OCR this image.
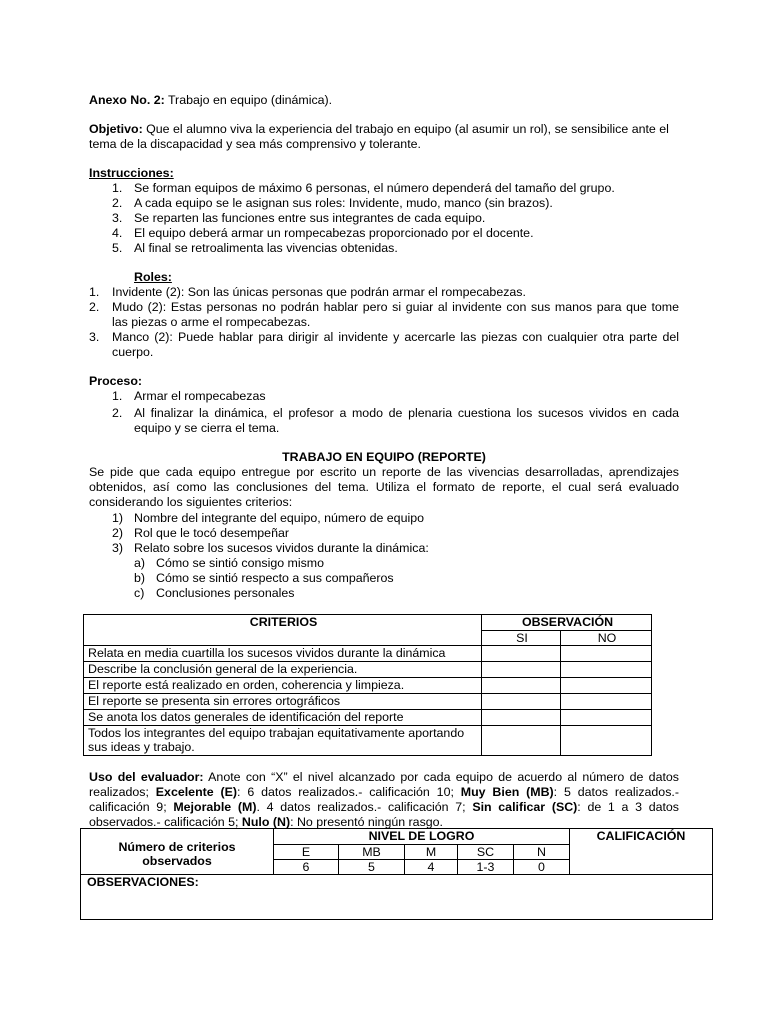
Anexo No. 2: Trabajo en equipo (dinámica).
Objetivo: Que el alumno viva la experiencia del trabajo en equipo (al asumir un rol), se sensibilice ante el
tema de la discapacidad y sea más comprensivo y tolerante.
Instrucciones:
1. Se forman equipos de máximo 6 personas, el número dependerá del tamaño del grupo.
2. A cada equipo se le asignan sus roles: Invidente, mudo, manco (sin brazos).
3. Se reparten las funciones entre sus integrantes de cada equipo.
4. El equipo deberá armar un rompecabezas proporcionado por el docente.
5. Al final se retroalimenta las vivencias obtenidas.
Roles:
1. Invidente (2): Son las únicas personas que podrán armar el rompecabezas.
2. Mudo (2): Estas personas no podrán hablar pero si guiar al invidente con sus manos para que tome
las piezas o arme el rompecabezas.
3. Manco (2): Puede hablar para dirigir al invidente y acercarle las piezas con cualquier otra parte del
cuerpo.
Proceso:
1. Armar el rompecabezas
2. Al finalizar la dinámica, el profesor a modo de plenaria cuestiona los sucesos vividos en cada
equipo y se cierra el tema.
TRABAJO EN EQUIPO (REPORTE)
Se pide que cada equipo entregue por escrito un reporte de las vivencias desarrolladas, aprendizajes
obtenidos, así como las conclusiones del tema. Utiliza el formato de reporte, el cual será evaluado
considerando los siguientes criterios:
1) Nombre del integrante del equipo, número de equipo
2) Rol que le tocó desempeñar
3) Relato sobre los sucesos vividos durante la dinámica:
a) Cómo se sintió consigo mismo
b) Cómo se sintió respecto a sus compañeros
c) Conclusiones personales
CRITERIOS	OBSERVACIÓN	
	SI	NO
Relata en media cuartilla los sucesos vividos durante la dinámica		
Describe la conclusión general de la experiencia.		
El reporte está realizado en orden, coherencia y limpieza.		
El reporte se presenta sin errores ortográficos		
Se anota los datos generales de identificación del reporte		

Todos los integrantes del equipo trabajan equitativamente aportando
sus ideas y trabajo.		

Uso del evaluador: Anote con “X” el nivel alcanzado por cada equipo de acuerdo al número de datos
realizados; Excelente (E): 6 datos realizados.- calificación 10; Muy Bien (MB): 5 datos realizados.-
calificación 9; Mejorable (M). 4 datos realizados.- calificación 7; Sin calificar (SC): de 1 a 3 datos
observados.- calificación 5; Nulo (N): No presentó ningún rasgo.
Número de criterios
observados	NIVEL DE LOGRO					CALIFICACIÓN
	E	MB	M	SC	N	
	6	5	4	1-3	0	
OBSERVACIONES:						
